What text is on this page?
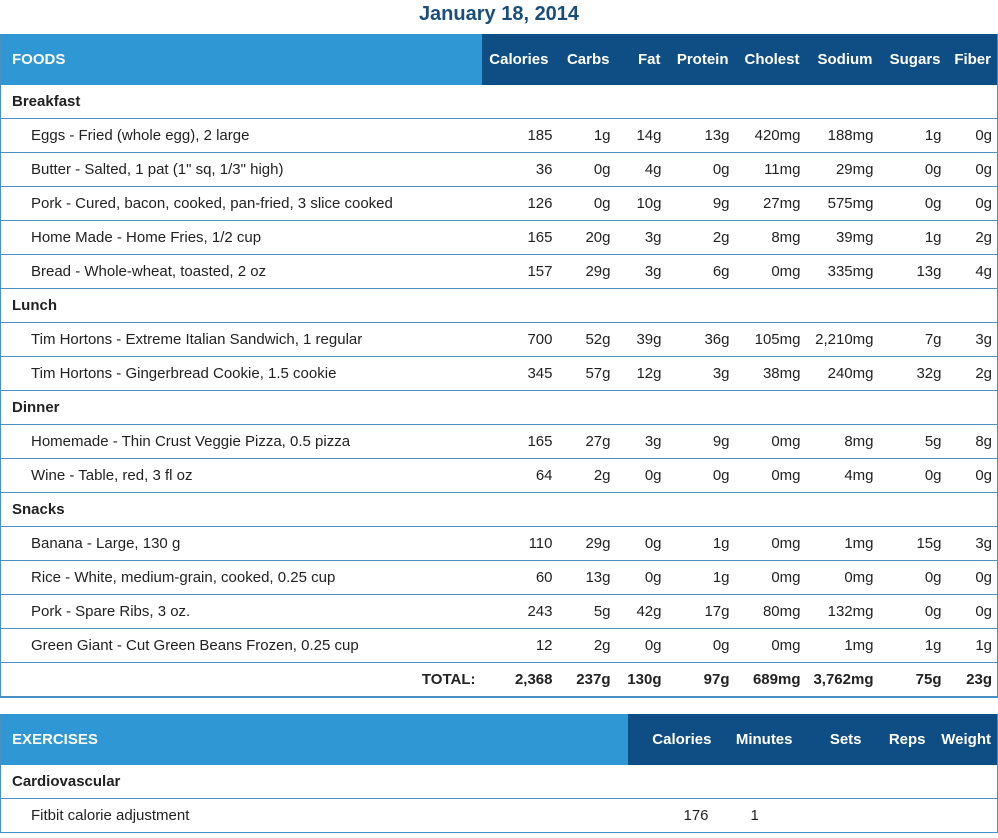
January 18, 2014
FOODS	Calories	Carbs	Fat	Protein	Cholest	Sodium	Sugars	Fiber
Breakfast								
Eggs - Fried (whole egg), 2 large	185	1g	14g	13g	420mg	188mg	1g	0g
Butter - Salted, 1 pat (1" sq, 1/3" high)	36	0g	4g	0g	11mg	29mg	0g	0g
Pork - Cured, bacon, cooked, pan-fried, 3 slice cooked	126	0g	10g	9g	27mg	575mg	0g	0g
Home Made - Home Fries, 1/2 cup	165	20g	3g	2g	8mg	39mg	1g	2g
Bread - Whole-wheat, toasted, 2 oz	157	29g	3g	6g	0mg	335mg	13g	4g
Lunch								
Tim Hortons - Extreme Italian Sandwich, 1 regular	700	52g	39g	36g	105mg	2,210mg	7g	3g
Tim Hortons - Gingerbread Cookie, 1.5 cookie	345	57g	12g	3g	38mg	240mg	32g	2g
Dinner								
Homemade - Thin Crust Veggie Pizza, 0.5 pizza	165	27g	3g	9g	0mg	8mg	5g	8g
Wine - Table, red, 3 fl oz	64	2g	0g	0g	0mg	4mg	0g	0g
Snacks								
Banana - Large, 130 g	110	29g	0g	1g	0mg	1mg	15g	3g
Rice - White, medium-grain, cooked, 0.25 cup	60	13g	0g	1g	0mg	0mg	0g	0g
Pork - Spare Ribs, 3 oz.	243	5g	42g	17g	80mg	132mg	0g	0g
Green Giant - Cut Green Beans Frozen, 0.25 cup	12	2g	0g	0g	0mg	1mg	1g	1g
TOTAL:	2,368	237g	130g	97g	689mg	3,762mg	75g	23g
EXERCISES	Calories	Minutes	Sets	Reps	Weight
Cardiovascular					
Fitbit calorie adjustment	176	1			
